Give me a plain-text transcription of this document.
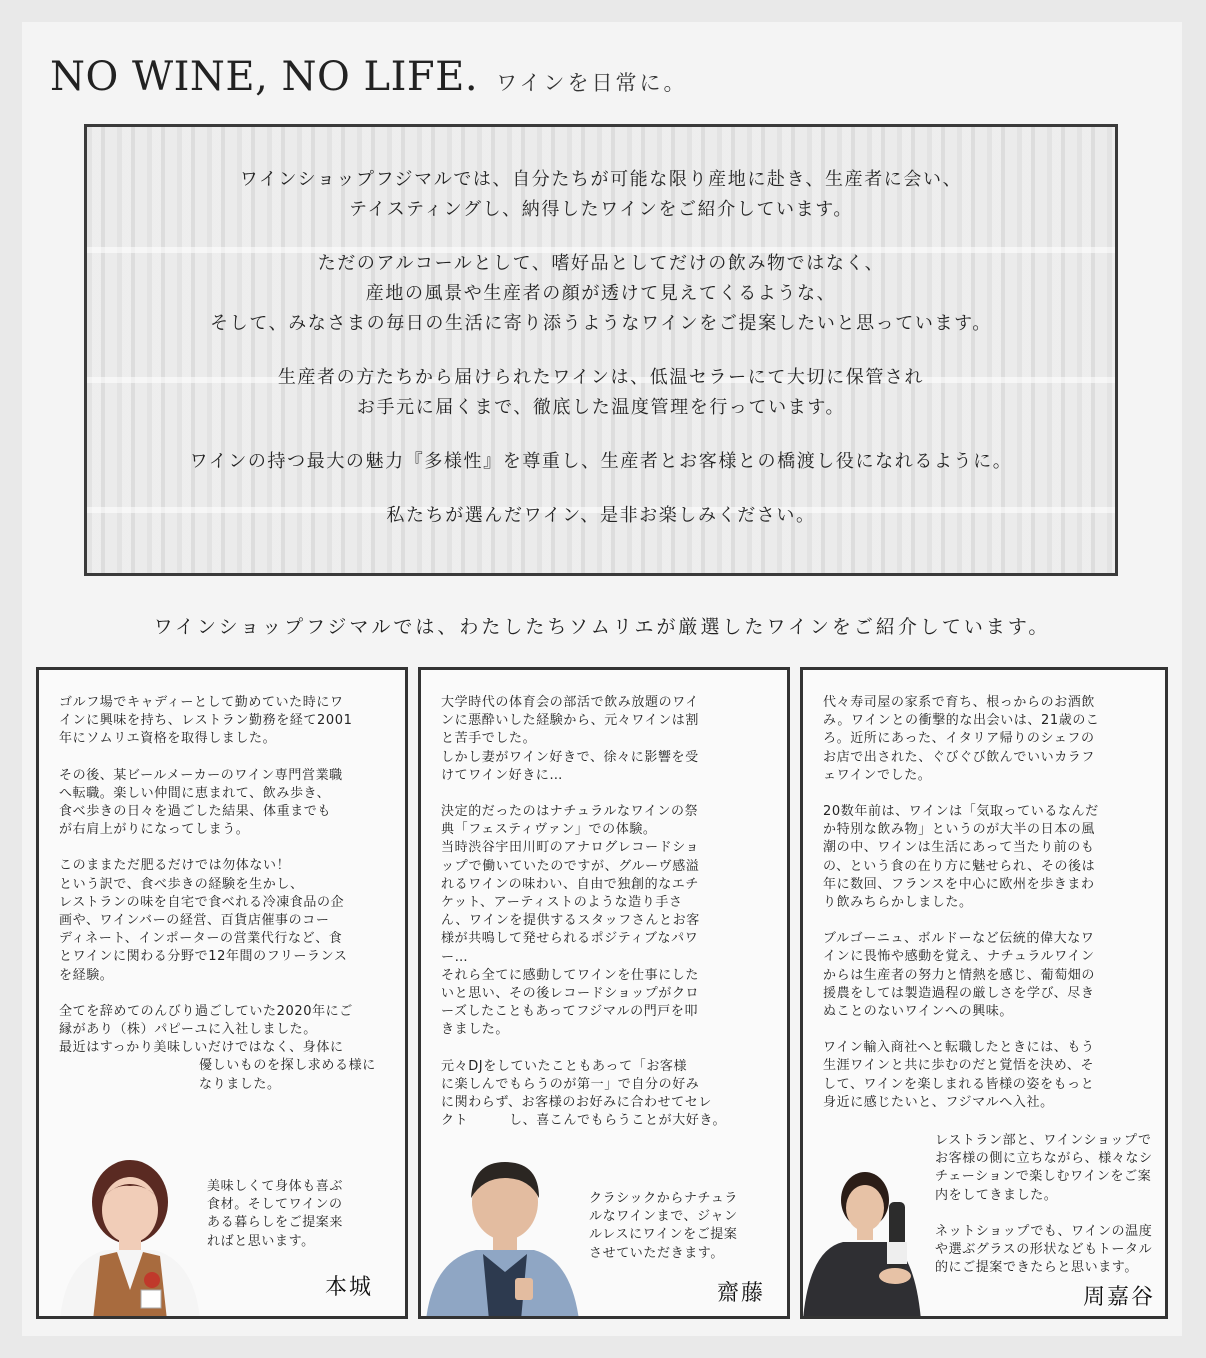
NO WINE, NO LIFE. ワインを日常に。

ワインショップフジマルでは、自分たちが可能な限り産地に赴き、生産者に会い、
テイスティングし、納得したワインをご紹介しています。

ただのアルコールとして、嗜好品としてだけの飲み物ではなく、
産地の風景や生産者の顔が透けて見えてくるような、
そして、みなさまの毎日の生活に寄り添うようなワインをご提案したいと思っています。

生産者の方たちから届けられたワインは、低温セラーにて大切に保管され
お手元に届くまで、徹底した温度管理を行っています。

ワインの持つ最大の魅力『多様性』を尊重し、生産者とお客様との橋渡し役になれるように。

私たちが選んだワイン、是非お楽しみください。

ワインショップフジマルでは、わたしたちソムリエが厳選したワインをご紹介しています。

ゴルフ場でキャディーとして勤めていた時にワ
インに興味を持ち、レストラン勤務を経て2001
年にソムリエ資格を取得しました。

その後、某ビールメーカーのワイン専門営業職
へ転職。楽しい仲間に恵まれて、飲み歩き、
食べ歩きの日々を過ごした結果、体重までも
が右肩上がりになってしまう。

このままただ肥るだけでは勿体ない！
という訳で、食べ歩きの経験を生かし、
レストランの味を自宅で食べれる冷凍食品の企
画や、ワインバーの経営、百貨店催事のコー
ディネート、インポーターの営業代行など、食
とワインに関わる分野で12年間のフリーランス
を経験。

全てを辞めてのんびり過ごしていた2020年にご
縁があり（株）パピーユに入社しました。
最近はすっかり美味しいだけではなく、身体に

優しいものを探し求める様に
なりました。
美味しくて身体も喜ぶ
食材。そしてワインの
ある暮らしをご提案来
ればと思います。
本城

大学時代の体育会の部活で飲み放題のワイ
ンに悪酔いした経験から、元々ワインは割
と苦手でした。
しかし妻がワイン好きで、徐々に影響を受
けてワイン好きに…

決定的だったのはナチュラルなワインの祭
典「フェスティヴァン」での体験。
当時渋谷宇田川町のアナログレコードショ
ップで働いていたのですが、グルーヴ感溢
れるワインの味わい、自由で独創的なエチ
ケット、アーティストのような造り手さ
ん、ワインを提供するスタッフさんとお客
様が共鳴して発せられるポジティブなパワ
ー…
それら全てに感動してワインを仕事にした
いと思い、その後レコードショップがクロ
ーズしたこともあってフジマルの門戸を叩
きました。

元々DJをしていたこともあって「お客様
に楽しんでもらうのが第一」で自分の好み
に関わらず、お客様のお好みに合わせてセレ
クト　　　し、喜こんでもらうことが大好き。

クラシックからナチュラ
ルなワインまで、ジャン
ルレスにワインをご提案
させていただきます。
齋藤

代々寿司屋の家系で育ち、根っからのお酒飲
み。ワインとの衝撃的な出会いは、21歳のこ
ろ。近所にあった、イタリア帰りのシェフの
お店で出された、ぐびぐび飲んでいいカラフ
ェワインでした。

20数年前は、ワインは「気取っているなんだ
か特別な飲み物」というのが大半の日本の風
潮の中、ワインは生活にあって当たり前のも
の、という食の在り方に魅せられ、その後は
年に数回、フランスを中心に欧州を歩きまわ
り飲みちらかしました。

ブルゴーニュ、ボルドーなど伝統的偉大なワ
インに畏怖や感動を覚え、ナチュラルワイン
からは生産者の努力と情熱を感じ、葡萄畑の
援農をしては製造過程の厳しさを学び、尽き
ぬことのないワインへの興味。

ワイン輸入商社へと転職したときには、もう
生涯ワインと共に歩むのだと覚悟を決め、そ
して、ワインを楽しまれる皆様の姿をもっと
身近に感じたいと、フジマルへ入社。

レストラン部と、ワインショップで
お客様の側に立ちながら、様々なシ
チェーションで楽しむワインをご案
内をしてきました。
ネットショップでも、ワインの温度
や選ぶグラスの形状などもトータル
的にご提案できたらと思います。
周嘉谷
